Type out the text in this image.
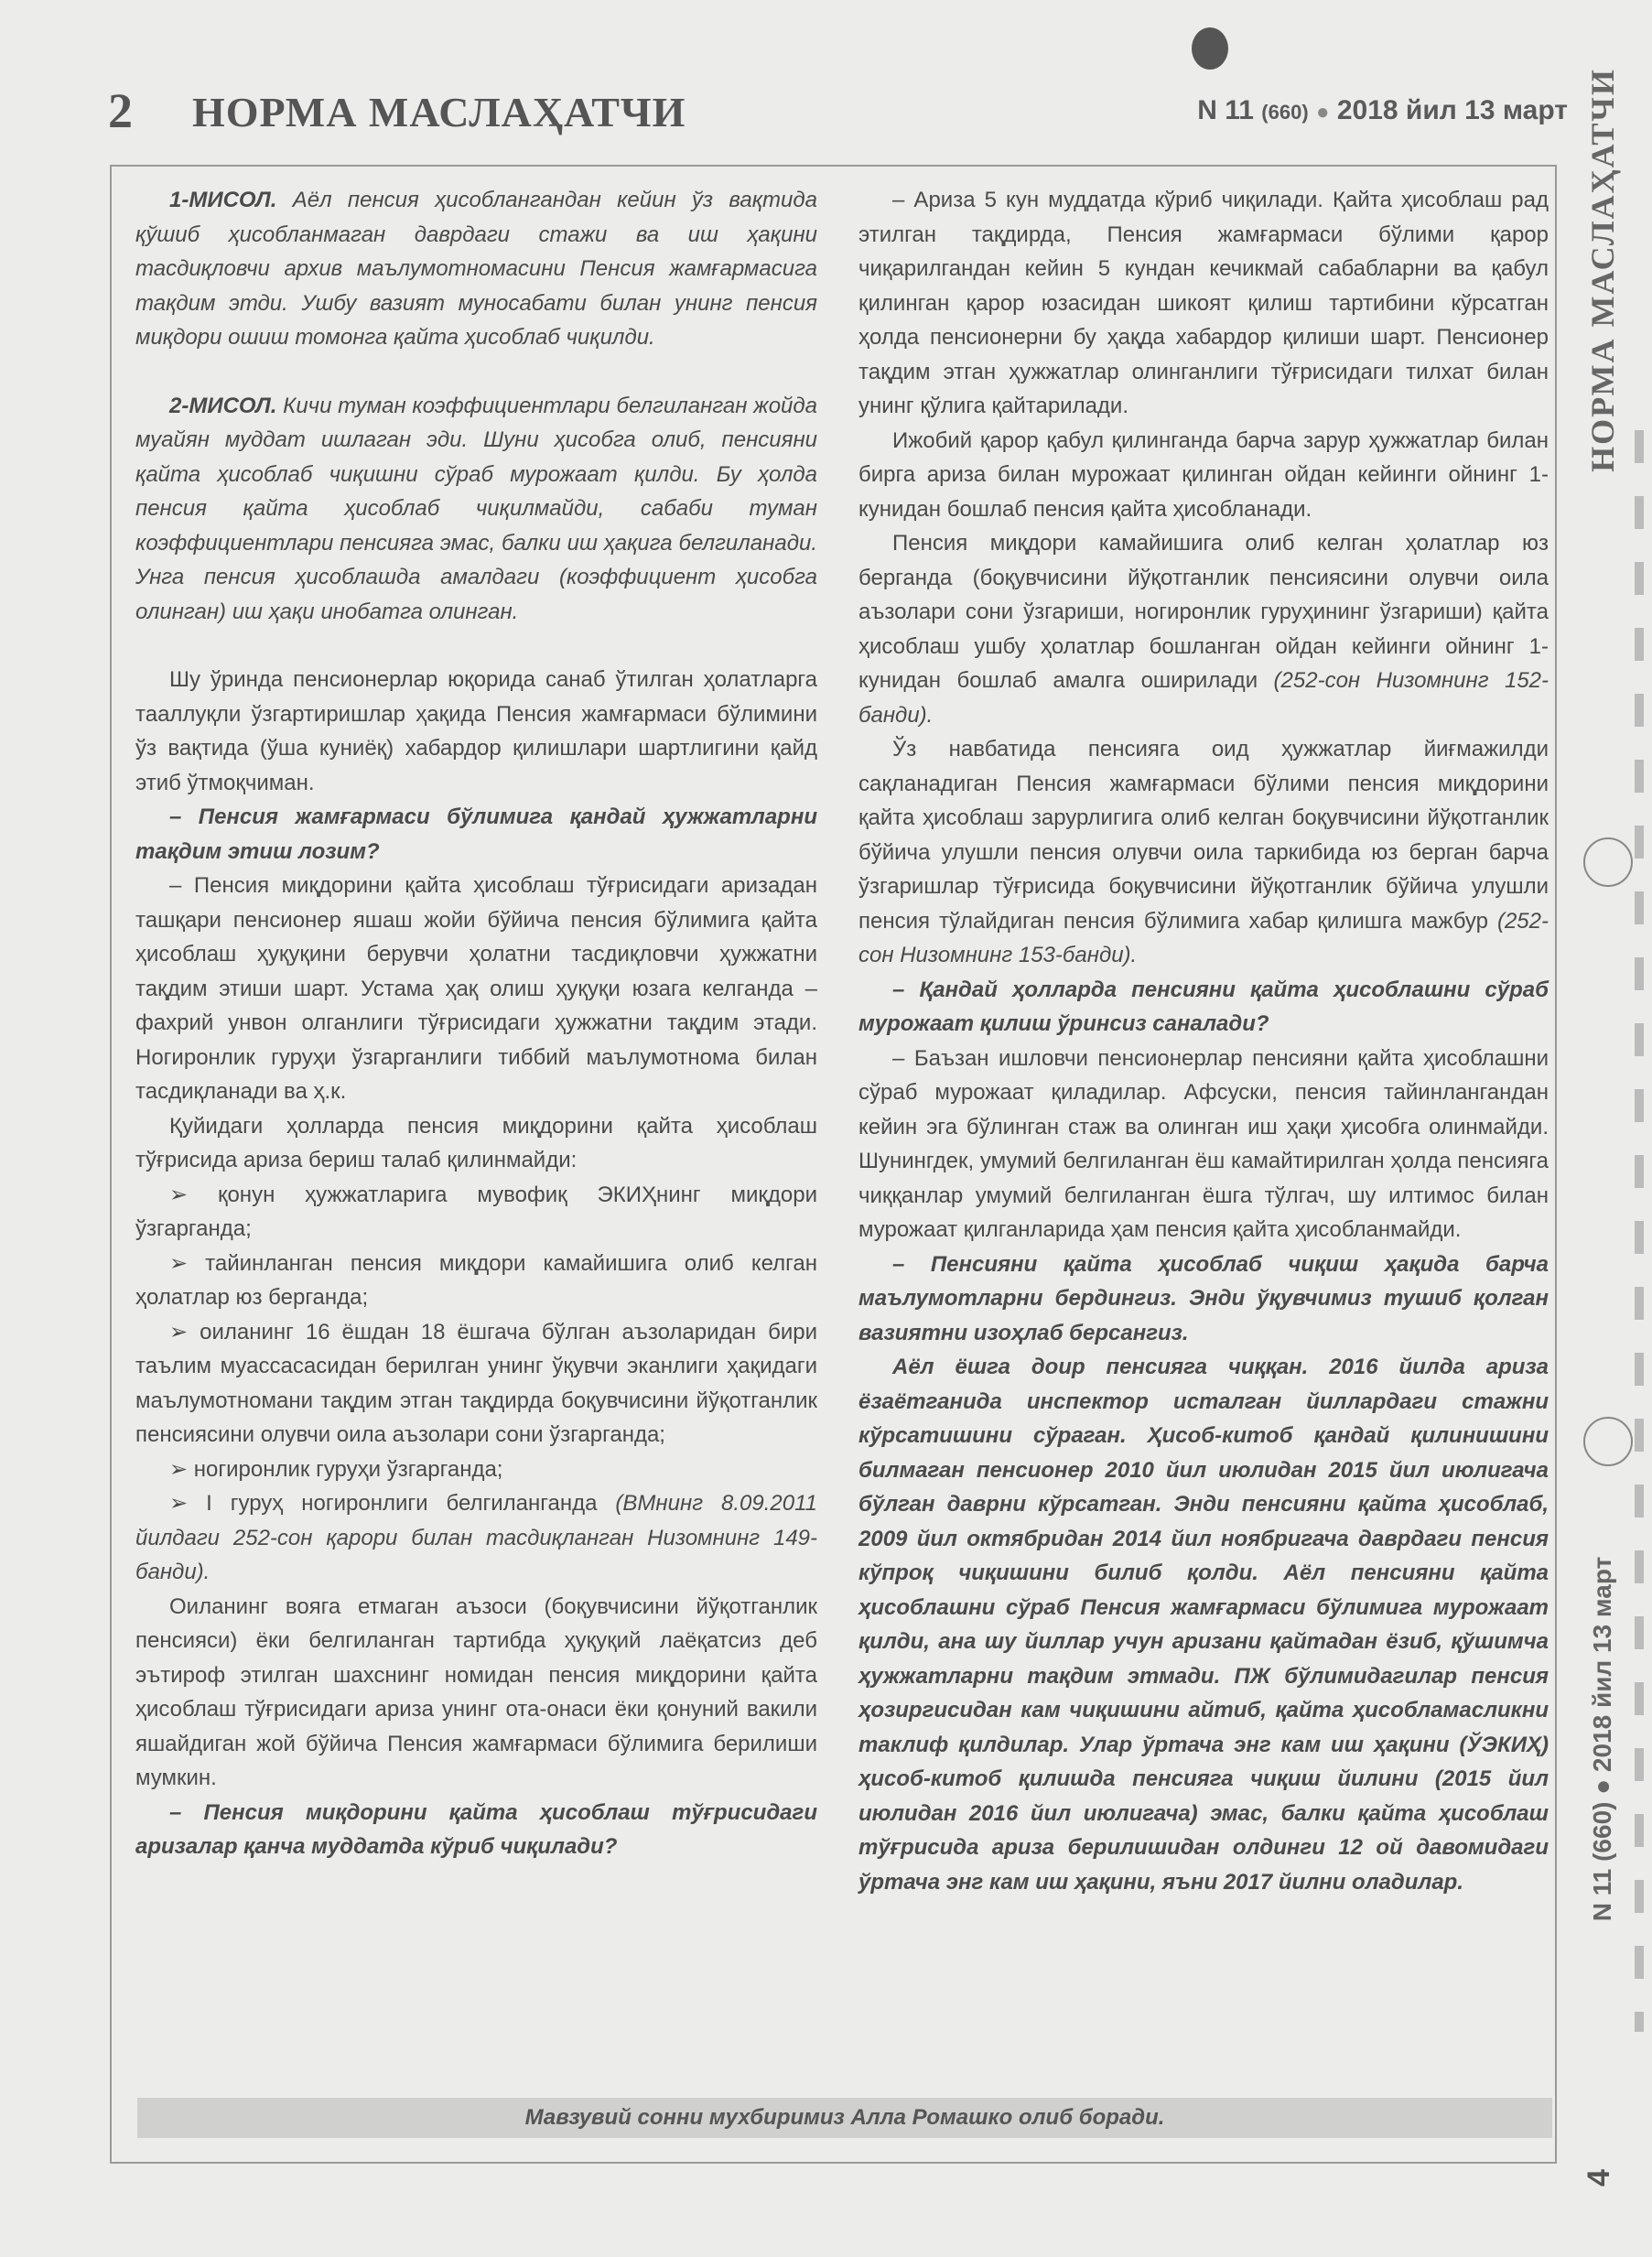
2 НОРМА МАСЛАҲАТЧИ	N 11 (660) ● 2018 йил 13 март НОРМА МАСЛАҲАТЧИ
N 11 (660) ● 2018 йил 13 март
4

1-МИСОЛ. Аёл пенсия ҳисоблангандан кейин ўз вақтида қўшиб ҳисобланмаган даврдаги стажи ва иш ҳақини тасдиқловчи архив маълумотномасини Пенсия жамғармасига тақдим этди. Ушбу вазият муносабати билан унинг пенсия миқдори ошиш томонга қайта ҳисоблаб чиқилди.

2-МИСОЛ. Кичи туман коэффициентлари белгиланган жойда муайян муддат ишлаган эди. Шуни ҳисобга олиб, пенсияни қайта ҳисоблаб чиқишни сўраб мурожаат қилди. Бу ҳолда пенсия қайта ҳисоблаб чиқилмайди, сабаби туман коэффициентлари пенсияга эмас, балки иш ҳақига белгиланади. Унга пенсия ҳисоблашда амалдаги (коэффициент ҳисобга олинган) иш ҳақи инобатга олинган.

Шу ўринда пенсионерлар юқорида санаб ўтилган ҳолатларга тааллуқли ўзгартиришлар ҳақида Пенсия жамғармаси бўлимини ўз вақтида (ўша куниёқ) хабардор қилишлари шартлигини қайд этиб ўтмоқчиман.

– Пенсия жамғармаси бўлимига қандай ҳужжатларни тақдим этиш лозим?

– Пенсия миқдорини қайта ҳисоблаш тўғрисидаги аризадан ташқари пенсионер яшаш жойи бўйича пенсия бўлимига қайта ҳисоблаш ҳуқуқини берувчи ҳолатни тасдиқловчи ҳужжатни тақдим этиши шарт. Устама ҳақ олиш ҳуқуқи юзага келганда – фахрий унвон олганлиги тўғрисидаги ҳужжатни тақдим этади. Ногиронлик гуруҳи ўзгарганлиги тиббий маълумотнома билан тасдиқланади ва ҳ.к.

Қуйидаги ҳолларда пенсия миқдорини қайта ҳисоблаш тўғрисида ариза бериш талаб қилинмайди:

➢ қонун ҳужжатларига мувофиқ ЭКИҲнинг миқдори ўзгарганда;

➢ тайинланган пенсия миқдори камайишига олиб келган ҳолатлар юз берганда;

➢ оиланинг 16 ёшдан 18 ёшгача бўлган аъзоларидан бири таълим муассасасидан берилган унинг ўқувчи эканлиги ҳақидаги маълумотномани тақдим этган тақдирда боқувчисини йўқотганлик пенсиясини олувчи оила аъзолари сони ўзгарганда;

➢ ногиронлик гуруҳи ўзгарганда;

➢ I гуруҳ ногиронлиги белгиланганда (ВМнинг 8.09.2011 йилдаги 252-сон қарори билан тасдиқланган Низомнинг 149-банди).

Оиланинг вояга етмаган аъзоси (боқувчисини йўқотганлик пенсияси) ёки белгиланган тартибда ҳуқуқий лаёқатсиз деб эътироф этилган шахснинг номидан пенсия миқдорини қайта ҳисоблаш тўғрисидаги ариза унинг ота-онаси ёки қонуний вакили яшайдиган жой бўйича Пенсия жамғармаси бўлимига берилиши мумкин.

– Пенсия миқдорини қайта ҳисоблаш тўғрисидаги аризалар қанча муддатда кўриб чиқилади?

– Ариза 5 кун муддатда кўриб чиқилади. Қайта ҳисоблаш рад этилган тақдирда, Пенсия жамғармаси бўлими қарор чиқарилгандан кейин 5 кундан кечикмай сабабларни ва қабул қилинган қарор юзасидан шикоят қилиш тартибини кўрсатган ҳолда пенсионерни бу ҳақда хабардор қилиши шарт. Пенсионер тақдим этган ҳужжатлар олинганлиги тўғрисидаги тилхат билан унинг қўлига қайтарилади.

Ижобий қарор қабул қилинганда барча зарур ҳужжатлар билан бирга ариза билан мурожаат қилинган ойдан кейинги ойнинг 1-кунидан бошлаб пенсия қайта ҳисобланади.

Пенсия миқдори камайишига олиб келган ҳолатлар юз берганда (боқувчисини йўқотганлик пенсиясини олувчи оила аъзолари сони ўзгариши, ногиронлик гуруҳининг ўзгариши) қайта ҳисоблаш ушбу ҳолатлар бошланган ойдан кейинги ойнинг 1-кунидан бошлаб амалга оширилади (252-сон Низомнинг 152-банди).

Ўз навбатида пенсияга оид ҳужжатлар йиғмажилди сақланадиган Пенсия жамғармаси бўлими пенсия миқдорини қайта ҳисоблаш зарурлигига олиб келган боқувчисини йўқотганлик бўйича улушли пенсия олувчи оила таркибида юз берган барча ўзгаришлар тўғрисида боқувчисини йўқотганлик бўйича улушли пенсия тўлайдиган пенсия бўлимига хабар қилишга мажбур (252-сон Низомнинг 153-банди).

– Қандай ҳолларда пенсияни қайта ҳисоблашни сўраб мурожаат қилиш ўринсиз саналади?

– Баъзан ишловчи пенсионерлар пенсияни қайта ҳисоблашни сўраб мурожаат қиладилар. Афсуски, пенсия тайинлангандан кейин эга бўлинган стаж ва олинган иш ҳақи ҳисобга олинмайди. Шунингдек, умумий белгиланган ёш камайтирилган ҳолда пенсияга чиққанлар умумий белгиланган ёшга тўлгач, шу илтимос билан мурожаат қилганларида ҳам пенсия қайта ҳисобланмайди.

– Пенсияни қайта ҳисоблаб чиқиш ҳақида барча маълумотларни бердингиз. Энди ўқувчимиз тушиб қолган вазиятни изоҳлаб берсангиз.

Аёл ёшга доир пенсияга чиққан. 2016 йилда ариза ёзаётганида инспектор исталган йиллардаги стажни кўрсатишини сўраган. Ҳисоб-китоб қандай қилинишини билмаган пенсионер 2010 йил июлидан 2015 йил июлигача бўлган даврни кўрсатган. Энди пенсияни қайта ҳисоблаб, 2009 йил октябридан 2014 йил ноябригача даврдаги пенсия кўпроқ чиқишини билиб қолди. Аёл пенсияни қайта ҳисоблашни сўраб Пенсия жамғармаси бўлимига мурожаат қилди, ана шу йиллар учун аризани қайтадан ёзиб, қўшимча ҳужжатларни тақдим этмади. ПЖ бўлимидагилар пенсия ҳозиргисидан кам чиқишини айтиб, қайта ҳисобламасликни таклиф қилдилар. Улар ўртача энг кам иш ҳақини (ЎЭКИҲ) ҳисоб-китоб қилишда пенсияга чиқиш йилини (2015 йил июлидан 2016 йил июлигача) эмас, балки қайта ҳисоблаш тўғрисида ариза берилишидан олдинги 12 ой давомидаги ўртача энг кам иш ҳақини, яъни 2017 йилни оладилар.

Мавзувий сонни мухбиримиз Алла Ромашко олиб боради.
